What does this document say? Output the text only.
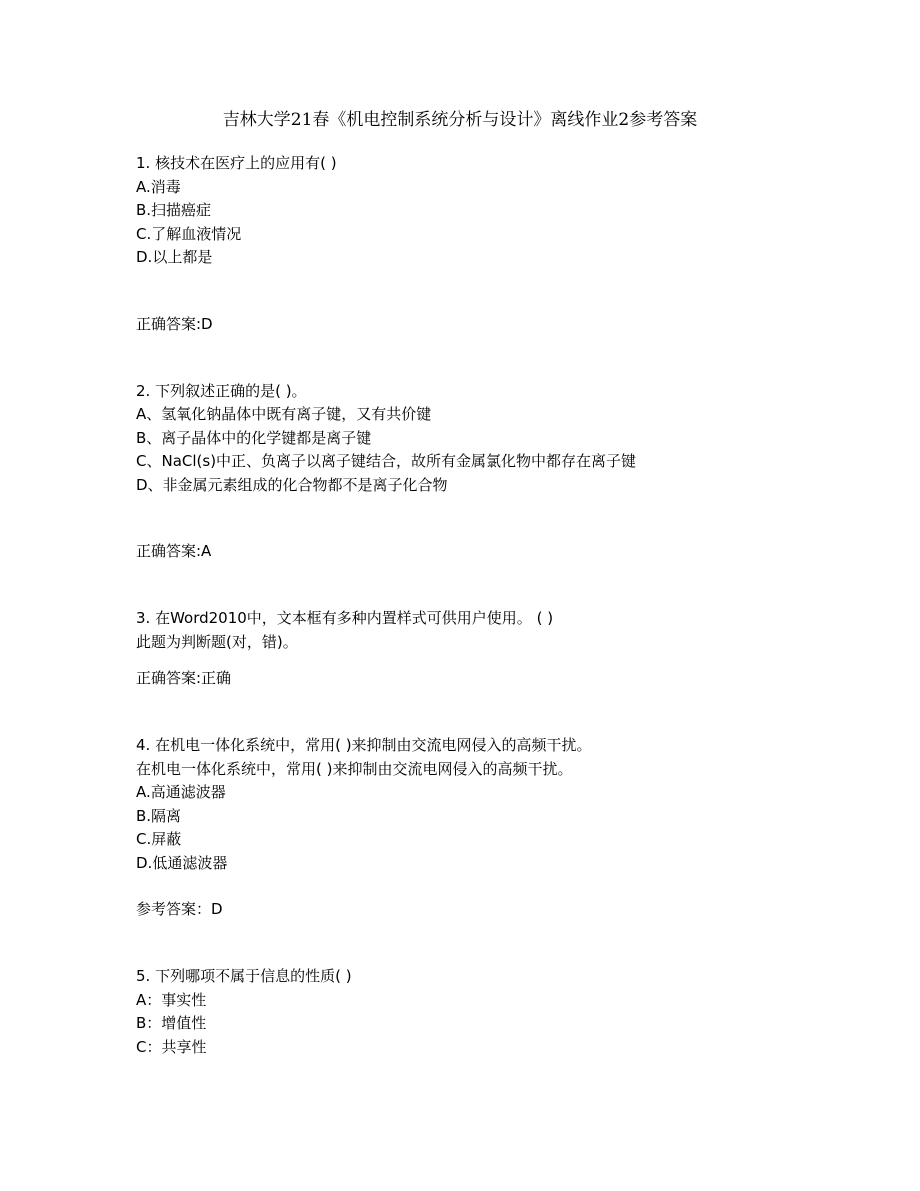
吉林大学21春《机电控制系统分析与设计》离线作业2参考答案
1. 核技术在医疗上的应用有( )
A.消毒
B.扫描癌症
C.了解血液情况
D.以上都是
正确答案:D
2. 下列叙述正确的是( )。
A、氢氧化钠晶体中既有离子键，又有共价键
B、离子晶体中的化学键都是离子键
C、NaCl(s)中正、负离子以离子键结合，故所有金属氯化物中都存在离子键
D、非金属元素组成的化合物都不是离子化合物
正确答案:A
3. 在Word2010中，文本框有多种内置样式可供用户使用。 ( )
此题为判断题(对，错)。
正确答案:正确
4. 在机电一体化系统中，常用( )来抑制由交流电网侵入的高频干扰。
在机电一体化系统中，常用( )来抑制由交流电网侵入的高频干扰。
A.高通滤波器
B.隔离
C.屏蔽
D.低通滤波器
参考答案：D
5. 下列哪项不属于信息的性质( )
A：事实性
B：增值性
C：共享性
